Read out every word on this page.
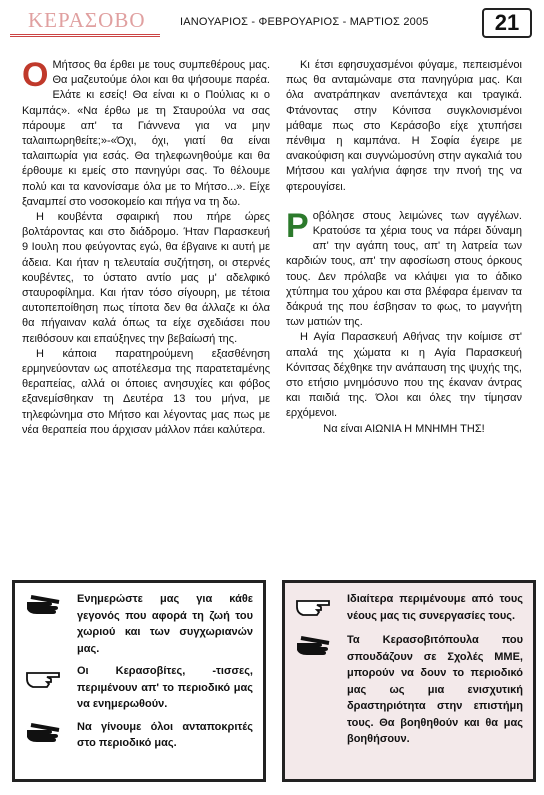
ΚΕΡΑΣΟΒΟ	ΙΑΝΟΥΑΡΙΟΣ - ΦΕΒΡΟΥΑΡΙΟΣ - ΜΑΡΤΙΟΣ 2005	21

Ο Μήτσος θα έρθει με τους συμπεθέρους μας. Θα μαζευτούμε όλοι και θα ψήσουμε παρέα. Ελάτε κι εσείς! Θα είναι κι ο Πούλιας κι ο Καμπάς». «Να έρθω με τη Σταυρούλα να σας πάρουμε απ' τα Γιάννενα για να μην ταλαιπωρηθείτε;»-«Όχι, όχι, γιατί θα είναι ταλαιπωρία για εσάς. Θα τηλεφωνηθούμε και θα έρθουμε κι εμείς στο πανηγύρι σας. Το θέλουμε πολύ και τα κανονίσαμε όλα με το Μήτσο...». Είχε ξαναμπεί στο νοσοκομείο και πήγα να τη δω.

Η κουβέντα σφαιρική που πήρε ώρες βολτάροντας και στο διάδρομο. Ήταν Παρασκευή 9 Ιουλη που φεύγοντας εγώ, θα έβγαινε κι αυτή με άδεια. Και ήταν η τελευταία συζήτηση, οι στερνές κουβέντες, το ύστατο αντίο μας μ' αδελφικό σταυροφίλημα. Και ήταν τόσο σίγουρη, με τέτοια αυτοπεποίθηση πως τίποτα δεν θα άλλαζε κι όλα θα πήγαιναν καλά όπως τα είχε σχεδιάσει που πειθόσουν και επαύξηνες την βεβαίωσή της.

Η κάποια παρατηρούμενη εξασθένηση ερμηνεύονταν ως αποτέλεσμα της παρατεταμένης θεραπείας, αλλά οι όποιες ανησυχίες και φόβος εξανεμίσθηκαν τη Δευτέρα 13 του μήνα, με τηλεφώνημα στο Μήτσο και λέγοντας μας πως με νέα θεραπεία που άρχισαν μάλλον πάει καλύτερα.

Κι έτσι εφησυχασμένοι φύγαμε, πεπεισμένοι πως θα ανταμώναμε στα πανηγύρια μας. Και όλα ανατράπηκαν ανεπάντεχα και τραγικά. Φτάνοντας στην Κόνιτσα συγκλονισμένοι μάθαμε πως στο Κεράσοβο είχε χτυπήσει πένθιμα η καμπάνα. Η Σοφία έγειρε με ανακούφιση και συγνώμοσύνη στην αγκαλιά του Μήτσου και γαλήνια άφησε την πνοή της να φτερουγίσει.

Ροβόλησε στους λειμώνες των αγγέλων. Κρατούσε τα χέρια τους να πάρει δύναμη απ' την αγάπη τους, απ' τη λατρεία των καρδιών τους, απ' την αφοσίωση στους όρκους τους. Δεν πρόλαβε να κλάψει για το άδικο χτύπημα του χάρου και στα βλέφαρα έμειναν τα δάκρυά της που έσβησαν το φως, το μαγνήτη των ματιών της.

Η Αγία Παρασκευή Αθήνας την κοίμισε στ' απαλά της χώματα κι η Αγία Παρασκευή Κόνιτσας δέχθηκε την ανάπαυση της ψυχής της, στο ετήσιο μνημόσυνο που της έκαναν άντρας και παιδιά της. Όλοι και όλες την τίμησαν ερχόμενοι.

Να είναι ΑΙΩΝΙΑ Η ΜΝΗΜΗ ΤΗΣ!

Ενημερώστε μας για κάθε γεγονός που αφορά τη ζωή του χωριού και των συγχωριανών μας.
Οι Κερασοβίτες, -τισσες, περιμένουν απ' το περιοδικό μας να ενημερωθούν.
Να γίνουμε όλοι ανταποκριτές στο περιοδικό μας.
Ιδιαίτερα περιμένουμε από τους νέους μας τις συνεργασίες τους.
Τα Κερασοβιτόπουλα που σπουδάζουν σε Σχολές ΜΜΕ, μπορούν να δουν το περιοδικό μας ως μια ενισχυτική δραστηριότητα στην επιστήμη τους. Θα βοηθηθούν και θα μας βοηθήσουν.
